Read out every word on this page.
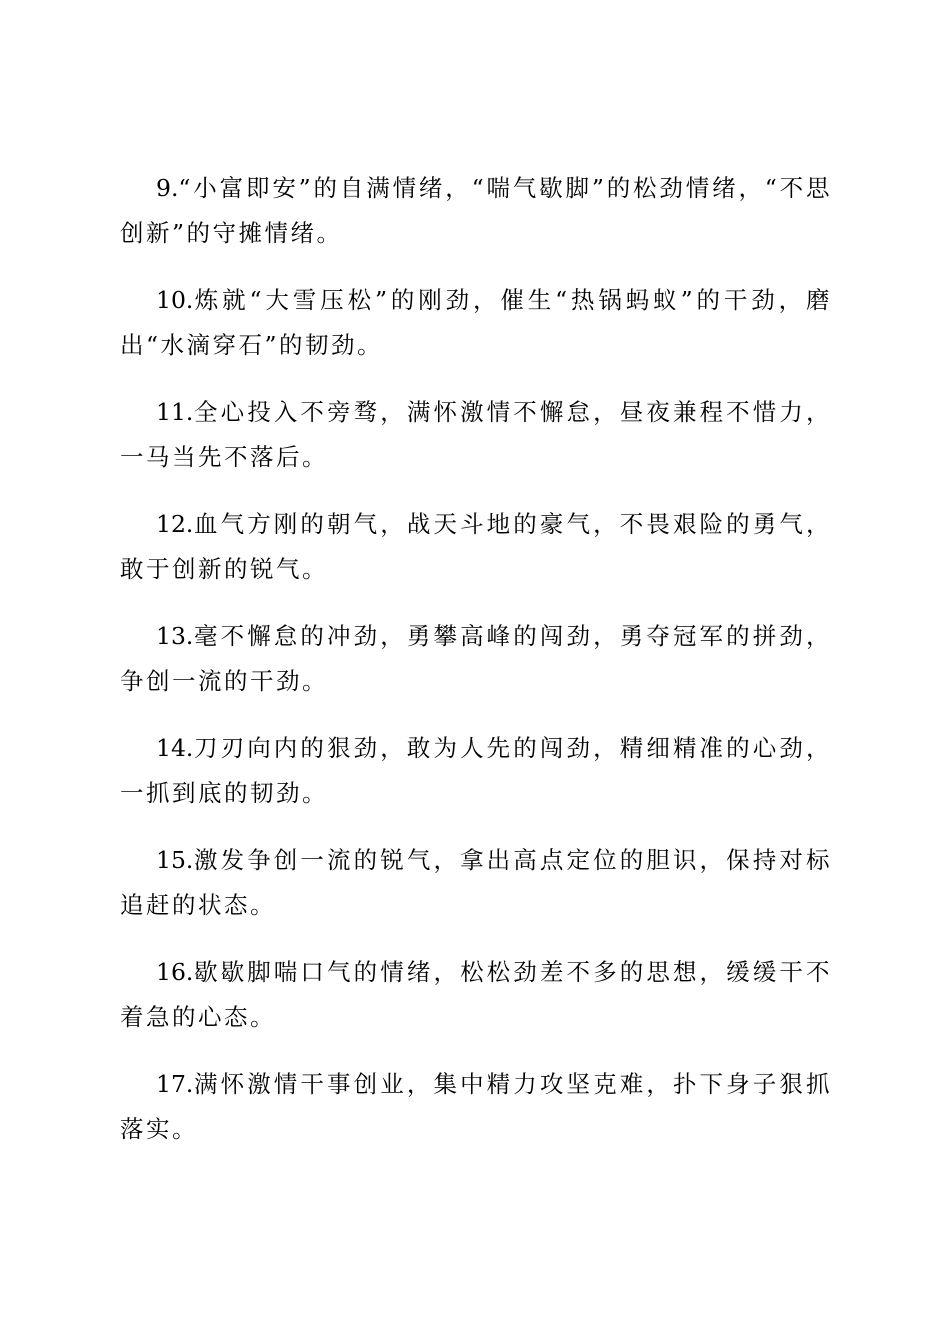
9.“小富即安”的自满情绪，“喘气歇脚”的松劲情绪，“不思创新”的守摊情绪。

10.炼就“大雪压松”的刚劲，催生“热锅蚂蚁”的干劲，磨出“水滴穿石”的韧劲。

11.全心投入不旁骛，满怀激情不懈怠，昼夜兼程不惜力，一马当先不落后。

12.血气方刚的朝气，战天斗地的豪气，不畏艰险的勇气，敢于创新的锐气。

13.毫不懈怠的冲劲，勇攀高峰的闯劲，勇夺冠军的拼劲，争创一流的干劲。

14.刀刃向内的狠劲，敢为人先的闯劲，精细精准的心劲，一抓到底的韧劲。

15.激发争创一流的锐气，拿出高点定位的胆识，保持对标追赶的状态。

16.歇歇脚喘口气的情绪，松松劲差不多的思想，缓缓干不着急的心态。

17.满怀激情干事创业，集中精力攻坚克难，扑下身子狠抓落实。
